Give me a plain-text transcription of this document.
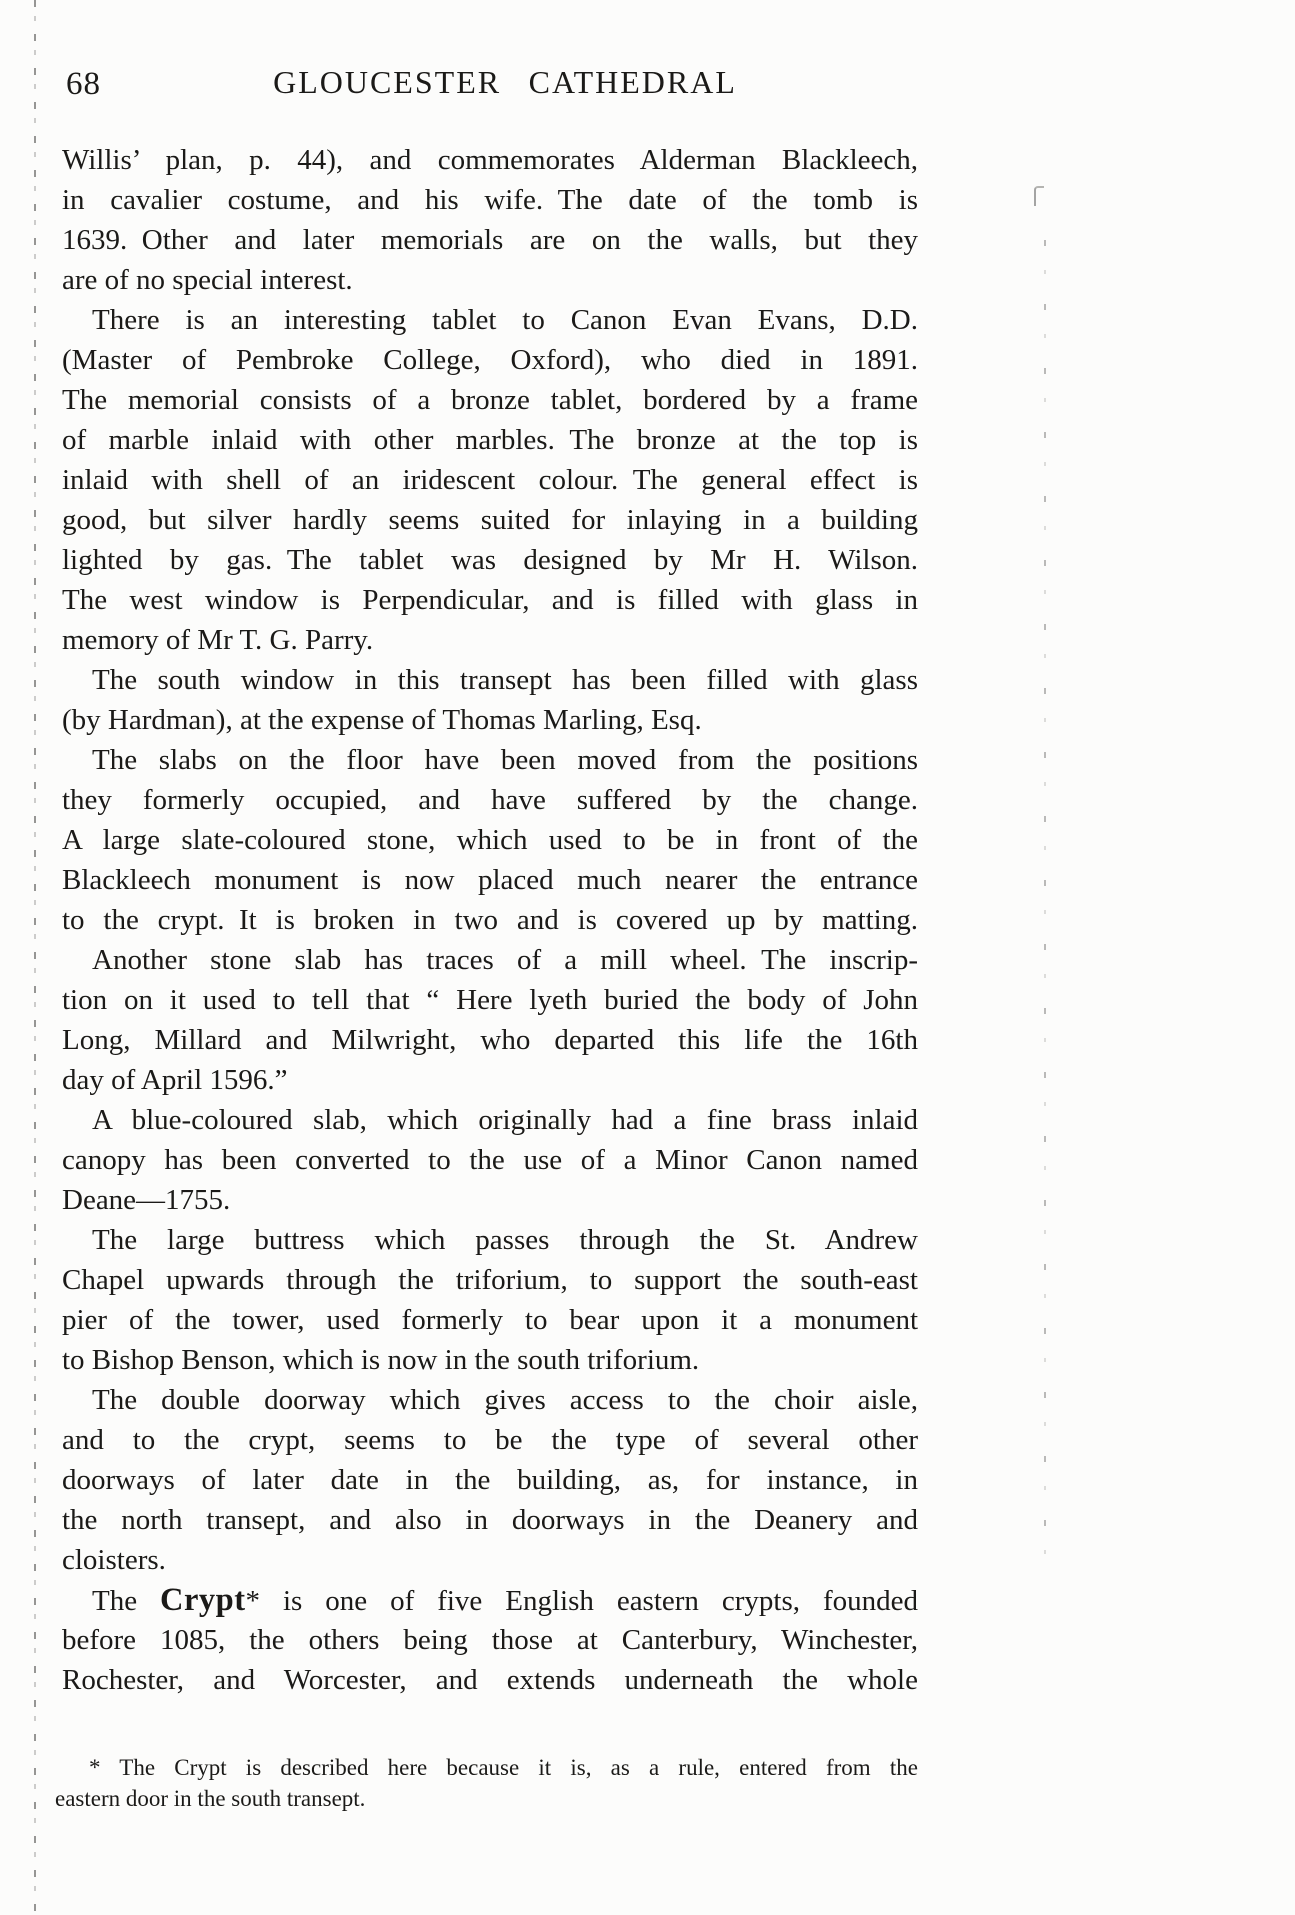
68	GLOUCESTER CATHEDRAL
Willis’ plan, p. 44), and commemorates Alderman Blackleech,
in cavalier costume, and his wife. The date of the tomb is
1639. Other and later memorials are on the walls, but they
are of no special interest.
There is an interesting tablet to Canon Evan Evans, D.D.
(Master of Pembroke College, Oxford), who died in 1891.
The memorial consists of a bronze tablet, bordered by a frame
of marble inlaid with other marbles. The bronze at the top is
inlaid with shell of an iridescent colour. The general effect is
good, but silver hardly seems suited for inlaying in a building
lighted by gas. The tablet was designed by Mr H. Wilson.
The west window is Perpendicular, and is filled with glass in
memory of Mr T. G. Parry.
The south window in this transept has been filled with glass
(by Hardman), at the expense of Thomas Marling, Esq.
The slabs on the floor have been moved from the positions
they formerly occupied, and have suffered by the change.
A large slate-coloured stone, which used to be in front of the
Blackleech monument is now placed much nearer the entrance
to the crypt. It is broken in two and is covered up by matting.
Another stone slab has traces of a mill wheel. The inscrip-
tion on it used to tell that “ Here lyeth buried the body of John
Long, Millard and Milwright, who departed this life the 16th
day of April 1596.”
A blue-coloured slab, which originally had a fine brass inlaid
canopy has been converted to the use of a Minor Canon named
Deane—1755.
The large buttress which passes through the St. Andrew
Chapel upwards through the triforium, to support the south-east
pier of the tower, used formerly to bear upon it a monument
to Bishop Benson, which is now in the south triforium.
The double doorway which gives access to the choir aisle,
and to the crypt, seems to be the type of several other
doorways of later date in the building, as, for instance, in
the north transept, and also in doorways in the Deanery and
cloisters.
The Crypt* is one of five English eastern crypts, founded
before 1085, the others being those at Canterbury, Winchester,
Rochester, and Worcester, and extends underneath the whole
* The Crypt is described here because it is, as a rule, entered from the
eastern door in the south transept.
